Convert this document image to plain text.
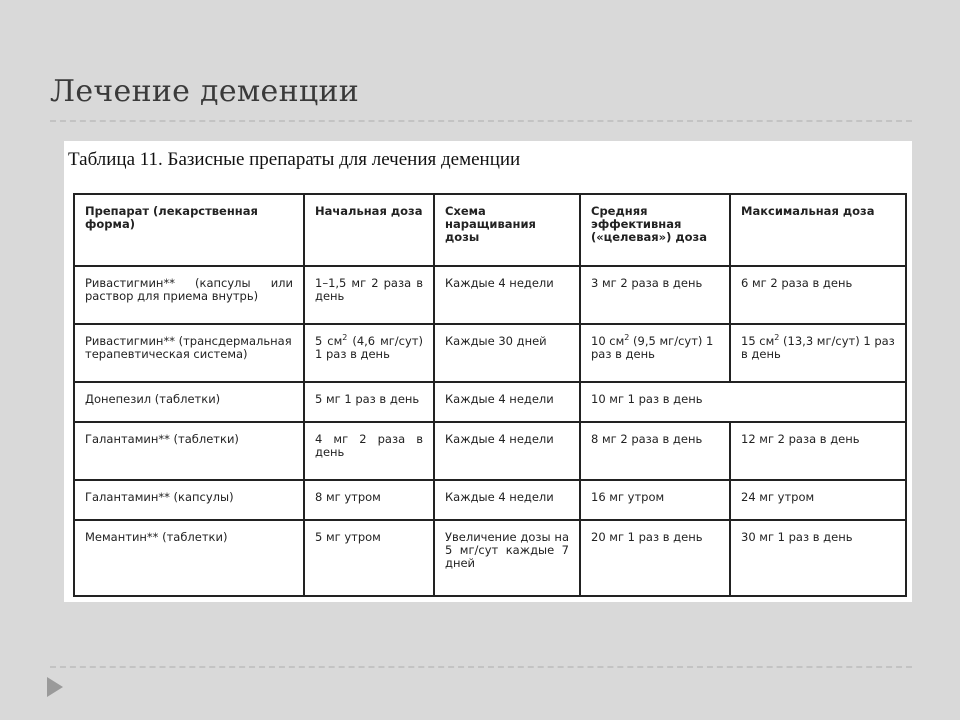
Лечение деменции
Таблица 11. Базисные препараты для лечения деменции
Препарат (лекарственная форма)	Начальная доза	Схема наращивания дозы	Средняя эффективная («целевая») доза	Максимальная доза
Ривастигмин** (капсулы или раствор для приема внутрь)	1–1,5 мг 2 раза в день	Каждые 4 недели	3 мг 2 раза в день	6 мг 2 раза в день
Ривастигмин** (трансдермальная терапевтическая система)	5 $см^2$ (4,6 мг/сут) 1 раз в день	Каждые 30 дней	10 $см^2$ (9,5 мг/сут) 1 раз в день	15 $см^2$ (13,3 мг/сут) 1 раз в день
Донепезил (таблетки)	5 мг 1 раз в день	Каждые 4 недели	10 мг 1 раз в день	
Галантамин** (таблетки)	4 мг 2 раза в день	Каждые 4 недели	8 мг 2 раза в день	12 мг 2 раза в день
Галантамин** (капсулы)	8 мг утром	Каждые 4 недели	16 мг утром	24 мг утром
Мемантин** (таблетки)	5 мг утром	Увеличение дозы на 5 мг/сут каждые 7 дней	20 мг 1 раз в день	30 мг 1 раз в день
